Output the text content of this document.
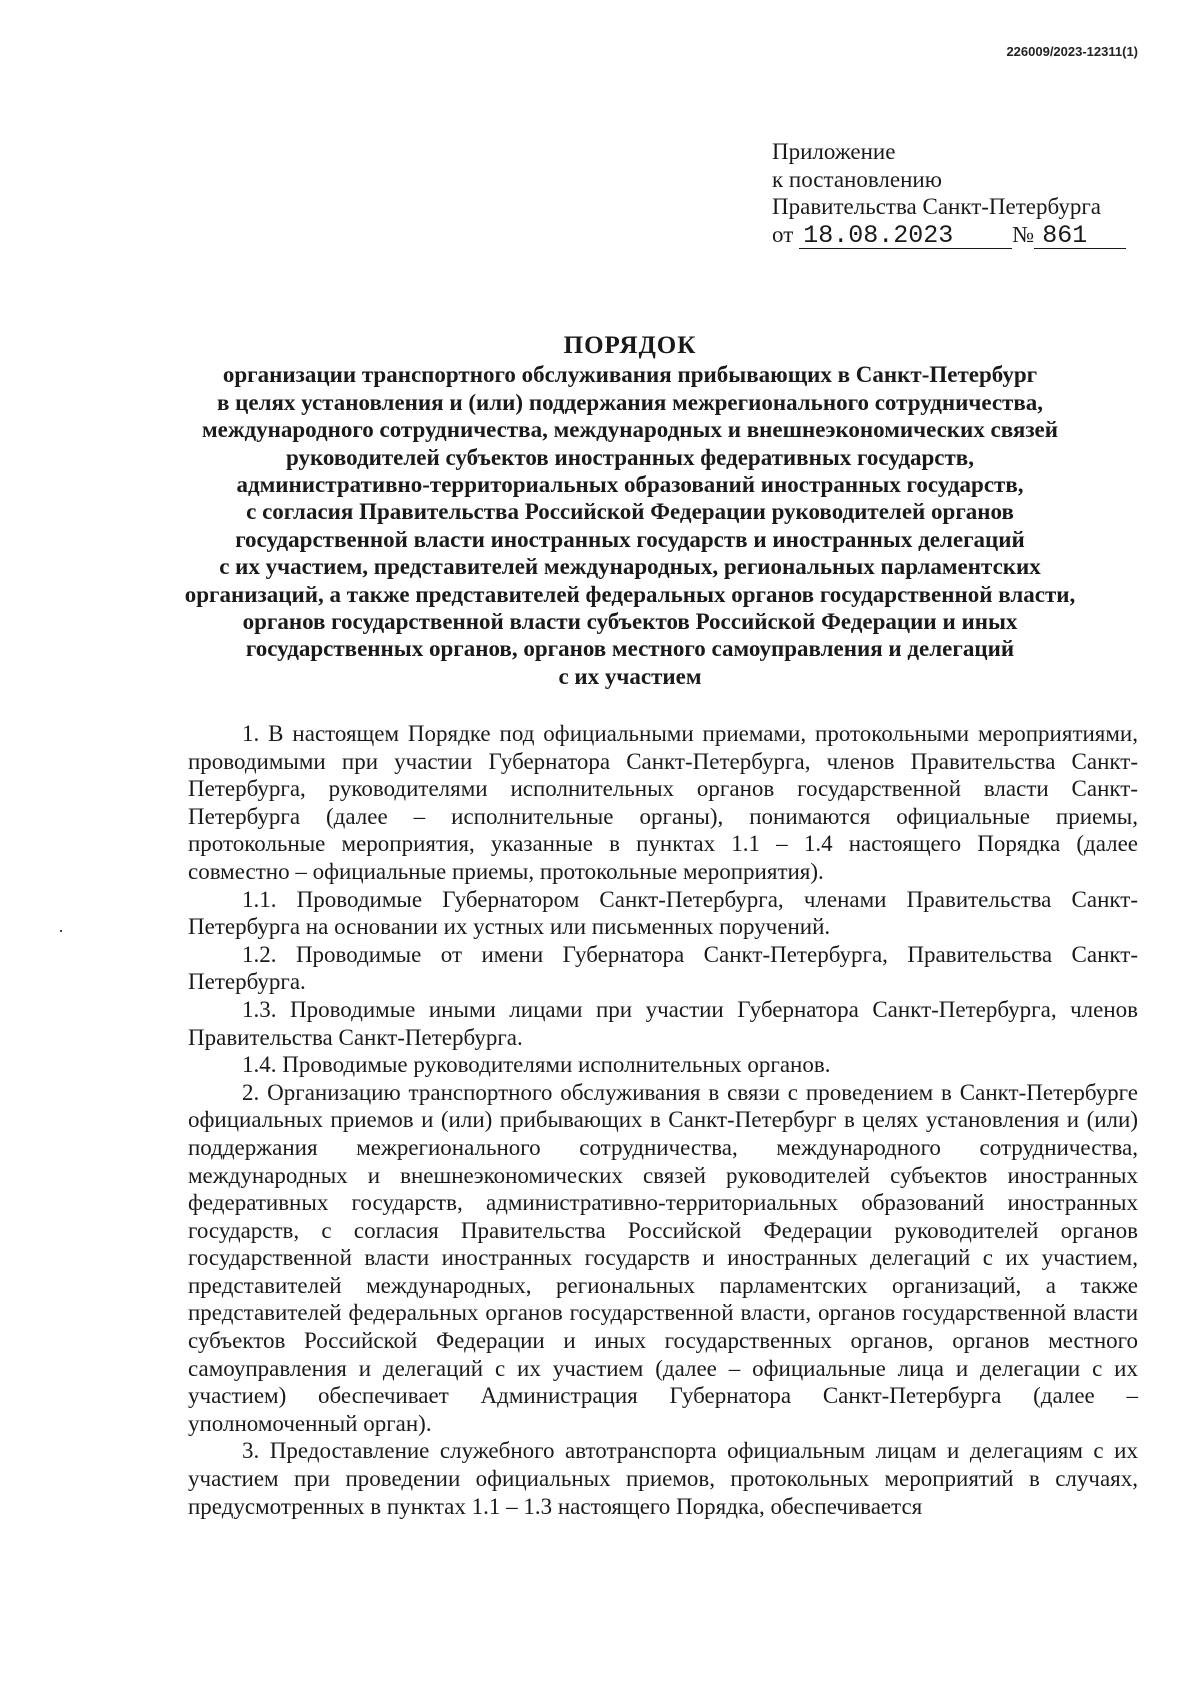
226009/2023-12311(1)
Приложение
к постановлению
Правительства Санкт-Петербурга
от 18.08.2023	№ 861
ПОРЯДОК
организации транспортного обслуживания прибывающих в Санкт-Петербург
в целях установления и (или) поддержания межрегионального сотрудничества,
международного сотрудничества, международных и внешнеэкономических связей
руководителей субъектов иностранных федеративных государств,
административно-территориальных образований иностранных государств,
с согласия Правительства Российской Федерации руководителей органов
государственной власти иностранных государств и иностранных делегаций
с их участием, представителей международных, региональных парламентских
организаций, а также представителей федеральных органов государственной власти,
органов государственной власти субъектов Российской Федерации и иных
государственных органов, органов местного самоуправления и делегаций
с их участием

1. В настоящем Порядке под официальными приемами, протокольными мероприятиями, проводимыми при участии Губернатора Санкт-Петербурга, членов Правительства Санкт-Петербурга, руководителями исполнительных органов государственной власти Санкт-Петербурга (далее – исполнительные органы), понимаются официальные приемы, протокольные мероприятия, указанные в пунктах 1.1 – 1.4 настоящего Порядка (далее совместно – официальные приемы, протокольные мероприятия).

1.1. Проводимые Губернатором Санкт-Петербурга, членами Правительства Санкт-Петербурга на основании их устных или письменных поручений.

1.2. Проводимые от имени Губернатора Санкт-Петербурга, Правительства Санкт-Петербурга.

1.3. Проводимые иными лицами при участии Губернатора Санкт-Петербурга, членов Правительства Санкт-Петербурга.

1.4. Проводимые руководителями исполнительных органов.

2. Организацию транспортного обслуживания в связи с проведением в Санкт-Петербурге официальных приемов и (или) прибывающих в Санкт-Петербург в целях установления и (или) поддержания межрегионального сотрудничества, международного сотрудничества, международных и внешнеэкономических связей руководителей субъектов иностранных федеративных государств, административно-территориальных образований иностранных государств, с согласия Правительства Российской Федерации руководителей органов государственной власти иностранных государств и иностранных делегаций с их участием, представителей международных, региональных парламентских организаций, а также представителей федеральных органов государственной власти, органов государственной власти субъектов Российской Федерации и иных государственных органов, органов местного самоуправления и делегаций с их участием (далее – официальные лица и делегации с их участием) обеспечивает Администрация Губернатора Санкт-Петербурга (далее – уполномоченный орган).

3. Предоставление служебного автотранспорта официальным лицам и делегациям с их участием при проведении официальных приемов, протокольных мероприятий в случаях, предусмотренных в пунктах 1.1 – 1.3 настоящего Порядка, обеспечивается
